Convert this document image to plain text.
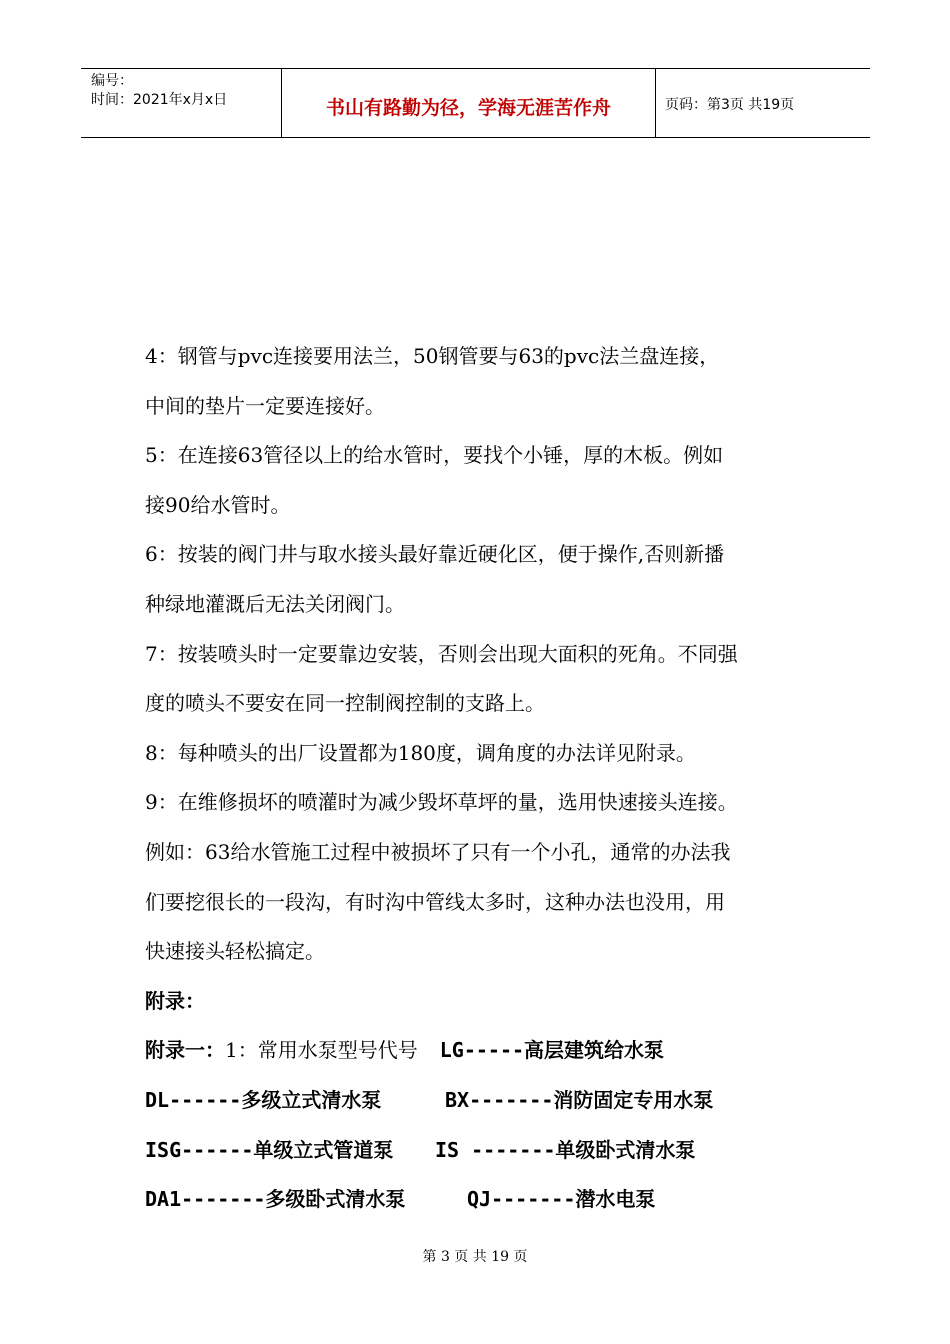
编号：
时间：2021年x月x日	书山有路勤为径，学海无涯苦作舟	页码：第3页 共19页
4：钢管与pvc连接要用法兰，50钢管要与63的pvc法兰盘连接，
中间的垫片一定要连接好。
5：在连接63管径以上的给水管时，要找个小锤，厚的木板。例如
接90给水管时。
6：按装的阀门井与取水接头最好靠近硬化区，便于操作,否则新播
种绿地灌溉后无法关闭阀门。
7：按装喷头时一定要靠边安装，否则会出现大面积的死角。不同强
度的喷头不要安在同一控制阀控制的支路上。
8：每种喷头的出厂设置都为180度，调角度的办法详见附录。
9：在维修损坏的喷灌时为减少毁坏草坪的量，选用快速接头连接。
例如：63给水管施工过程中被损坏了只有一个小孔，通常的办法我
们要挖很长的一段沟，有时沟中管线太多时，这种办法也没用，用
快速接头轻松搞定。
附录：
附录一：1：常用水泵型号代号 LG-----高层建筑给水泵
DL------多级立式清水泵	BX-------消防固定专用水泵
ISG------单级立式管道泵 IS -------单级卧式清水泵
DA1-------多级卧式清水泵	QJ-------潜水电泵
第 3 页 共 19 页
